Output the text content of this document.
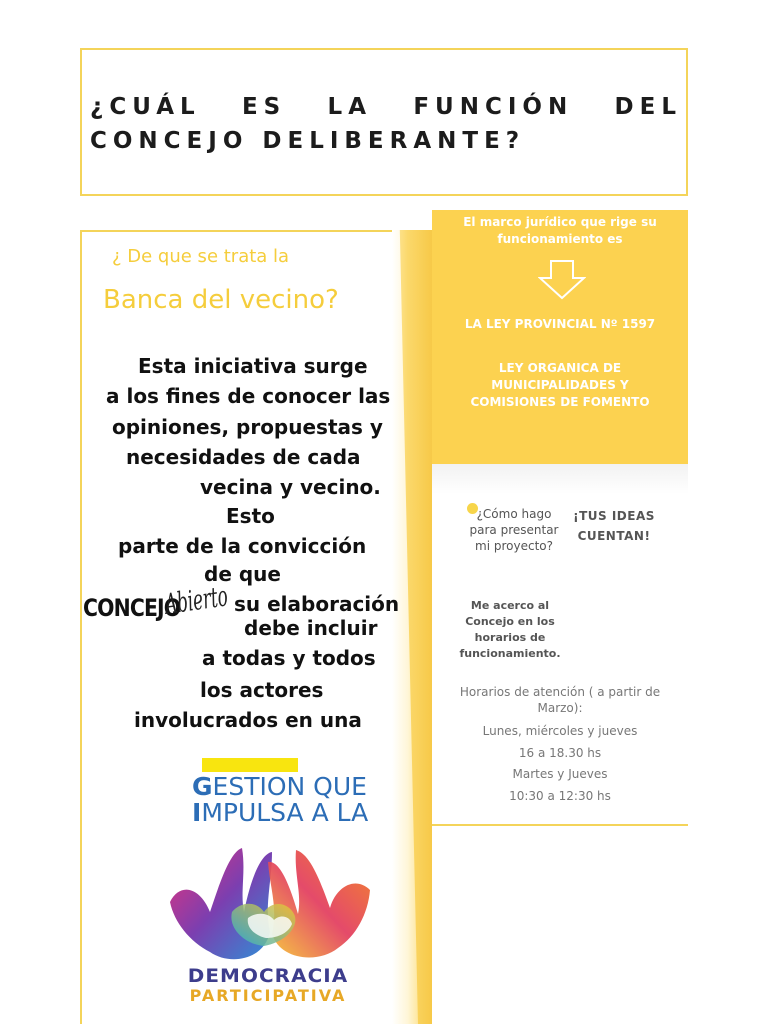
¿CUÁL ES LA FUNCIÓN DEL
CONCEJO DELIBERANTE?
¿ De que se trata la
Banca del vecino?
Esta iniciativa surge
a los fines de conocer las
opiniones, propuestas y
necesidades de cada
vecina y vecino.
Esto
parte de la convicción
de que
su elaboración
debe incluir
a todas y todos
los actores
involucrados en una
CONCEJO
Abierto
GESTION QUE
IMPULSA A LA
DEMOCRACIA
PARTICIPATIVA
El marco jurídico que rige su
funcionamiento es
LA LEY PROVINCIAL Nº 1597
LEY ORGANICA DE
MUNICIPALIDADES Y
COMISIONES DE FOMENTO
¿Cómo hago
para presentar
mi proyecto?
¡TUS IDEAS
CUENTAN!
Me acerco al
Concejo en los
horarios de
funcionamiento.
Horarios de atención ( a partir de
Marzo):
Lunes, miércoles y jueves
16 a 18.30 hs
Martes y Jueves
10:30 a 12:30 hs
